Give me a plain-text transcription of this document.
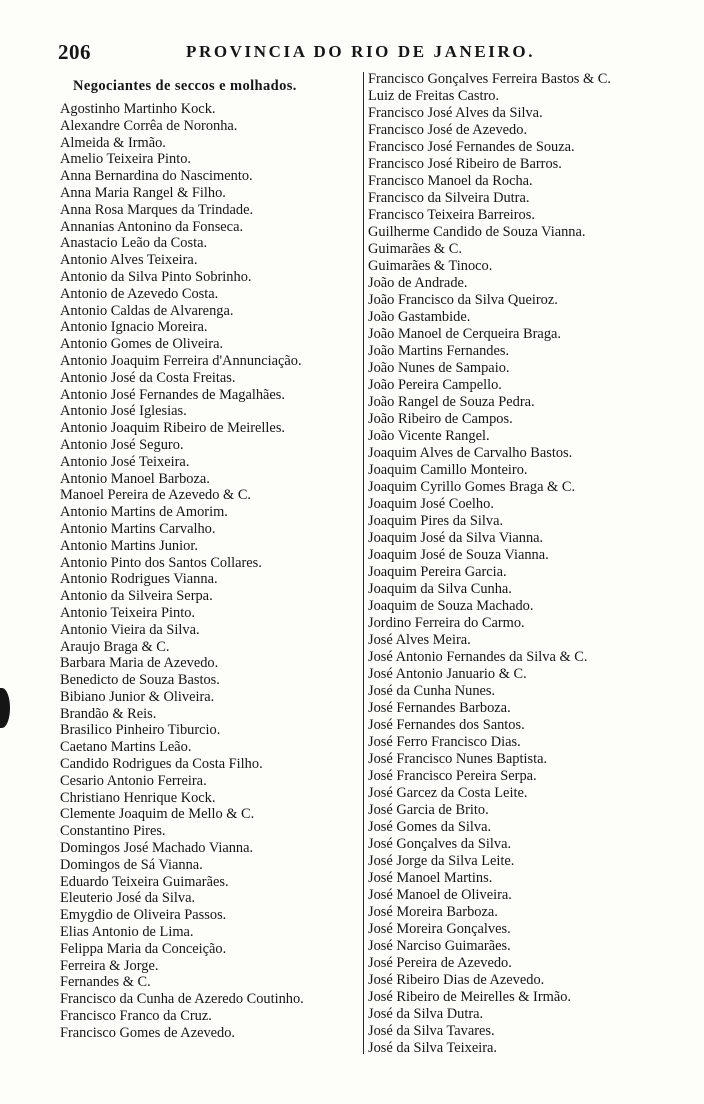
206	PROVINCIA DO RIO DE JANEIRO.
Negociantes de seccos e molhados.
Agostinho Martinho Kock.
Alexandre Corrêa de Noronha.
Almeida & Irmão.
Amelio Teixeira Pinto.
Anna Bernardina do Nascimento.
Anna Maria Rangel & Filho.
Anna Rosa Marques da Trindade.
Annanias Antonino da Fonseca.
Anastacio Leão da Costa.
Antonio Alves Teixeira.
Antonio da Silva Pinto Sobrinho.
Antonio de Azevedo Costa.
Antonio Caldas de Alvarenga.
Antonio Ignacio Moreira.
Antonio Gomes de Oliveira.
Antonio Joaquim Ferreira d'Annunciação.
Antonio José da Costa Freitas.
Antonio José Fernandes de Magalhães.
Antonio José Iglesias.
Antonio Joaquim Ribeiro de Meirelles.
Antonio José Seguro.
Antonio José Teixeira.
Antonio Manoel Barboza.
Manoel Pereira de Azevedo & C.
Antonio Martins de Amorim.
Antonio Martins Carvalho.
Antonio Martins Junior.
Antonio Pinto dos Santos Collares.
Antonio Rodrigues Vianna.
Antonio da Silveira Serpa.
Antonio Teixeira Pinto.
Antonio Vieira da Silva.
Araujo Braga & C.
Barbara Maria de Azevedo.
Benedicto de Souza Bastos.
Bibiano Junior & Oliveira.
Brandão & Reis.
Brasilico Pinheiro Tiburcio.
Caetano Martins Leão.
Candido Rodrigues da Costa Filho.
Cesario Antonio Ferreira.
Christiano Henrique Kock.
Clemente Joaquim de Mello & C.
Constantino Pires.
Domingos José Machado Vianna.
Domingos de Sá Vianna.
Eduardo Teixeira Guimarães.
Eleuterio José da Silva.
Emygdio de Oliveira Passos.
Elias Antonio de Lima.
Felippa Maria da Conceição.
Ferreira & Jorge.
Fernandes & C.
Francisco da Cunha de Azeredo Coutinho.
Francisco Franco da Cruz.
Francisco Gomes de Azevedo.
Francisco Gonçalves Ferreira Bastos & C.
Luiz de Freitas Castro.
Francisco José Alves da Silva.
Francisco José de Azevedo.
Francisco José Fernandes de Souza.
Francisco José Ribeiro de Barros.
Francisco Manoel da Rocha.
Francisco da Silveira Dutra.
Francisco Teixeira Barreiros.
Guilherme Candido de Souza Vianna.
Guimarães & C.
Guimarães & Tinoco.
João de Andrade.
João Francisco da Silva Queiroz.
João Gastambide.
João Manoel de Cerqueira Braga.
João Martins Fernandes.
João Nunes de Sampaio.
João Pereira Campello.
João Rangel de Souza Pedra.
João Ribeiro de Campos.
João Vicente Rangel.
Joaquim Alves de Carvalho Bastos.
Joaquim Camillo Monteiro.
Joaquim Cyrillo Gomes Braga & C.
Joaquim José Coelho.
Joaquim Pires da Silva.
Joaquim José da Silva Vianna.
Joaquim José de Souza Vianna.
Joaquim Pereira Garcia.
Joaquim da Silva Cunha.
Joaquim de Souza Machado.
Jordino Ferreira do Carmo.
José Alves Meira.
José Antonio Fernandes da Silva & C.
José Antonio Januario & C.
José da Cunha Nunes.
José Fernandes Barboza.
José Fernandes dos Santos.
José Ferro Francisco Dias.
José Francisco Nunes Baptista.
José Francisco Pereira Serpa.
José Garcez da Costa Leite.
José Garcia de Brito.
José Gomes da Silva.
José Gonçalves da Silva.
José Jorge da Silva Leite.
José Manoel Martins.
José Manoel de Oliveira.
José Moreira Barboza.
José Moreira Gonçalves.
José Narciso Guimarães.
José Pereira de Azevedo.
José Ribeiro Dias de Azevedo.
José Ribeiro de Meirelles & Irmão.
José da Silva Dutra.
José da Silva Tavares.
José da Silva Teixeira.
